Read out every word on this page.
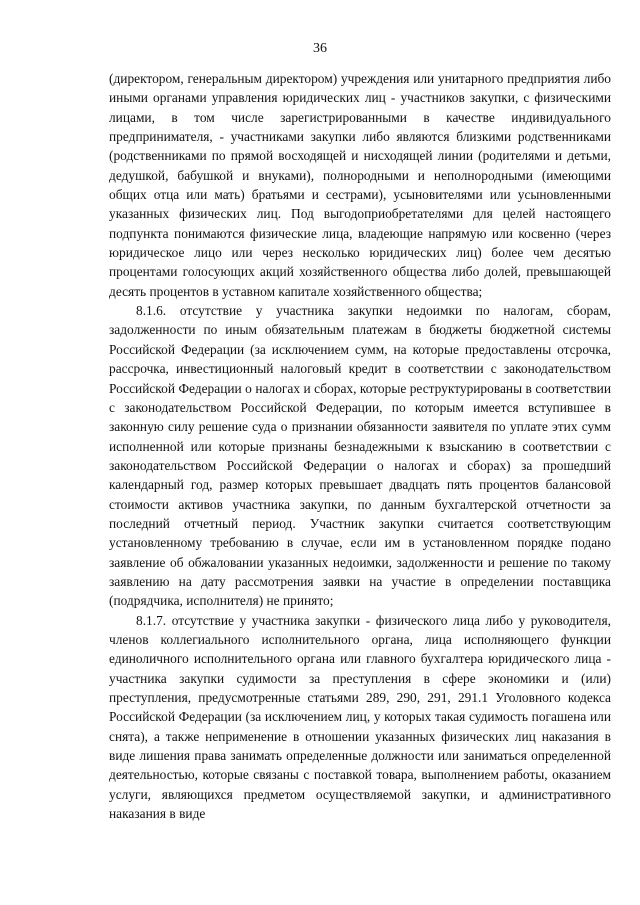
36

(директором, генеральным директором) учреждения или унитарного предприятия либо иными органами управления юридических лиц - участников закупки, с физическими лицами, в том числе зарегистрированными в качестве индивидуального предпринимателя, - участниками закупки либо являются близкими родственниками (родственниками по прямой восходящей и нисходящей линии (родителями и детьми, дедушкой, бабушкой и внуками), полнородными и неполнородными (имеющими общих отца или мать) братьями и сестрами), усыновителями или усыновленными указанных физических лиц. Под выгодоприобретателями для целей настоящего подпункта понимаются физические лица, владеющие напрямую или косвенно (через юридическое лицо или через несколько юридических лиц) более чем десятью процентами голосующих акций хозяйственного общества либо долей, превышающей десять процентов в уставном капитале хозяйственного общества;

8.1.6. отсутствие у участника закупки недоимки по налогам, сборам, задолженности по иным обязательным платежам в бюджеты бюджетной системы Российской Федерации (за исключением сумм, на которые предоставлены отсрочка, рассрочка, инвестиционный налоговый кредит в соответствии с законодательством Российской Федерации о налогах и сборах, которые реструктурированы в соответствии с законодательством Российской Федерации, по которым имеется вступившее в законную силу решение суда о признании обязанности заявителя по уплате этих сумм исполненной или которые признаны безнадежными к взысканию в соответствии с законодательством Российской Федерации о налогах и сборах) за прошедший календарный год, размер которых превышает двадцать пять процентов балансовой стоимости активов участника закупки, по данным бухгалтерской отчетности за последний отчетный период. Участник закупки считается соответствующим установленному требованию в случае, если им в установленном порядке подано заявление об обжаловании указанных недоимки, задолженности и решение по такому заявлению на дату рассмотрения заявки на участие в определении поставщика (подрядчика, исполнителя) не принято;

8.1.7. отсутствие у участника закупки - физического лица либо у руководителя, членов коллегиального исполнительного органа, лица исполняющего функции единоличного исполнительного органа или главного бухгалтера юридического лица - участника закупки судимости за преступления в сфере экономики и (или) преступления, предусмотренные статьями 289, 290, 291, 291.1 Уголовного кодекса Российской Федерации (за исключением лиц, у которых такая судимость погашена или снята), а также неприменение в отношении указанных физических лиц наказания в виде лишения права занимать определенные должности или заниматься определенной деятельностью, которые связаны с поставкой товара, выполнением работы, оказанием услуги, являющихся предметом осуществляемой закупки, и административного наказания в виде
